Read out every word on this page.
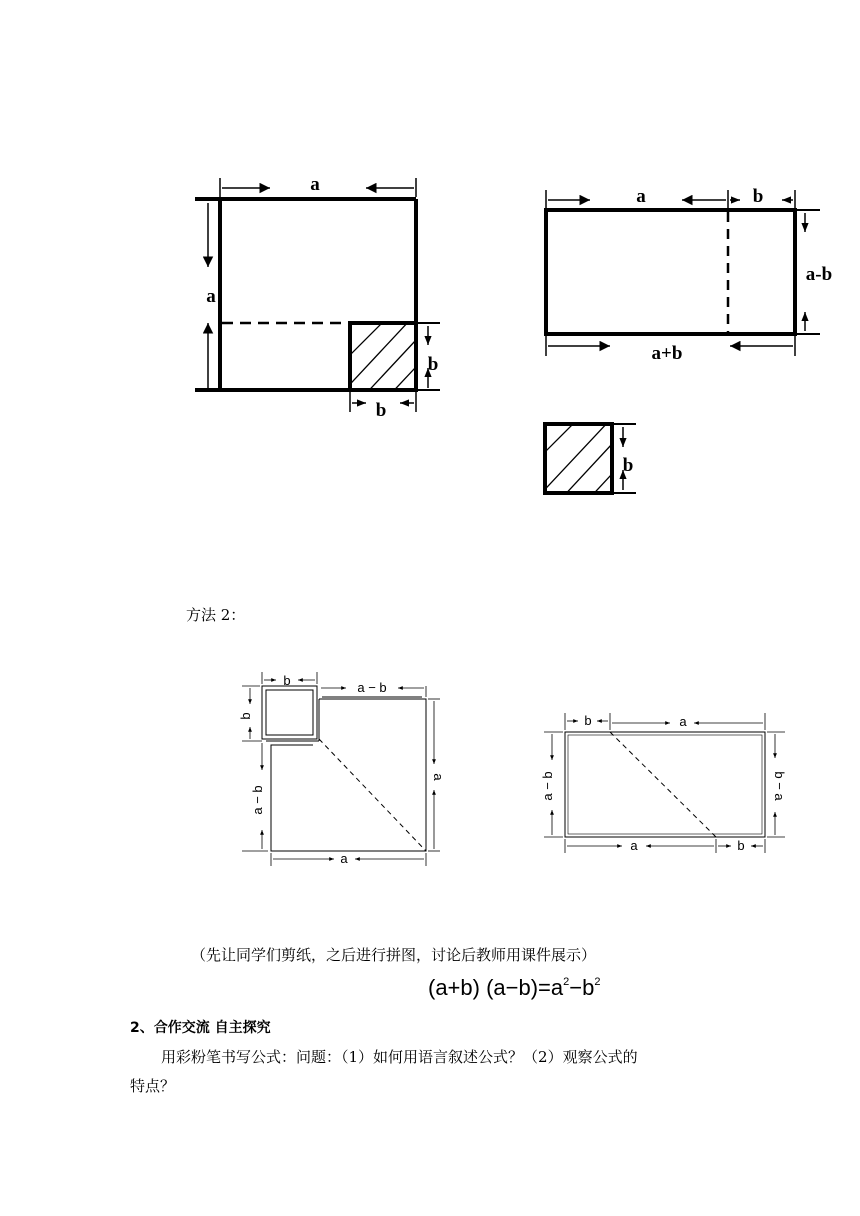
a
a
b
b
a	b
a-b
a+b
b
b	a − b
b
a − b
a
a
b	a
a − b	b − a
a	b
方法 2：
（先让同学们剪纸，之后进行拼图，讨论后教师用课件展示）
(a+b) $(a-b)=a^2-b^2$
2、合作交流 自主探究
用彩粉笔书写公式：问题：（1）如何用语言叙述公式？（2）观察公式的
特点？
